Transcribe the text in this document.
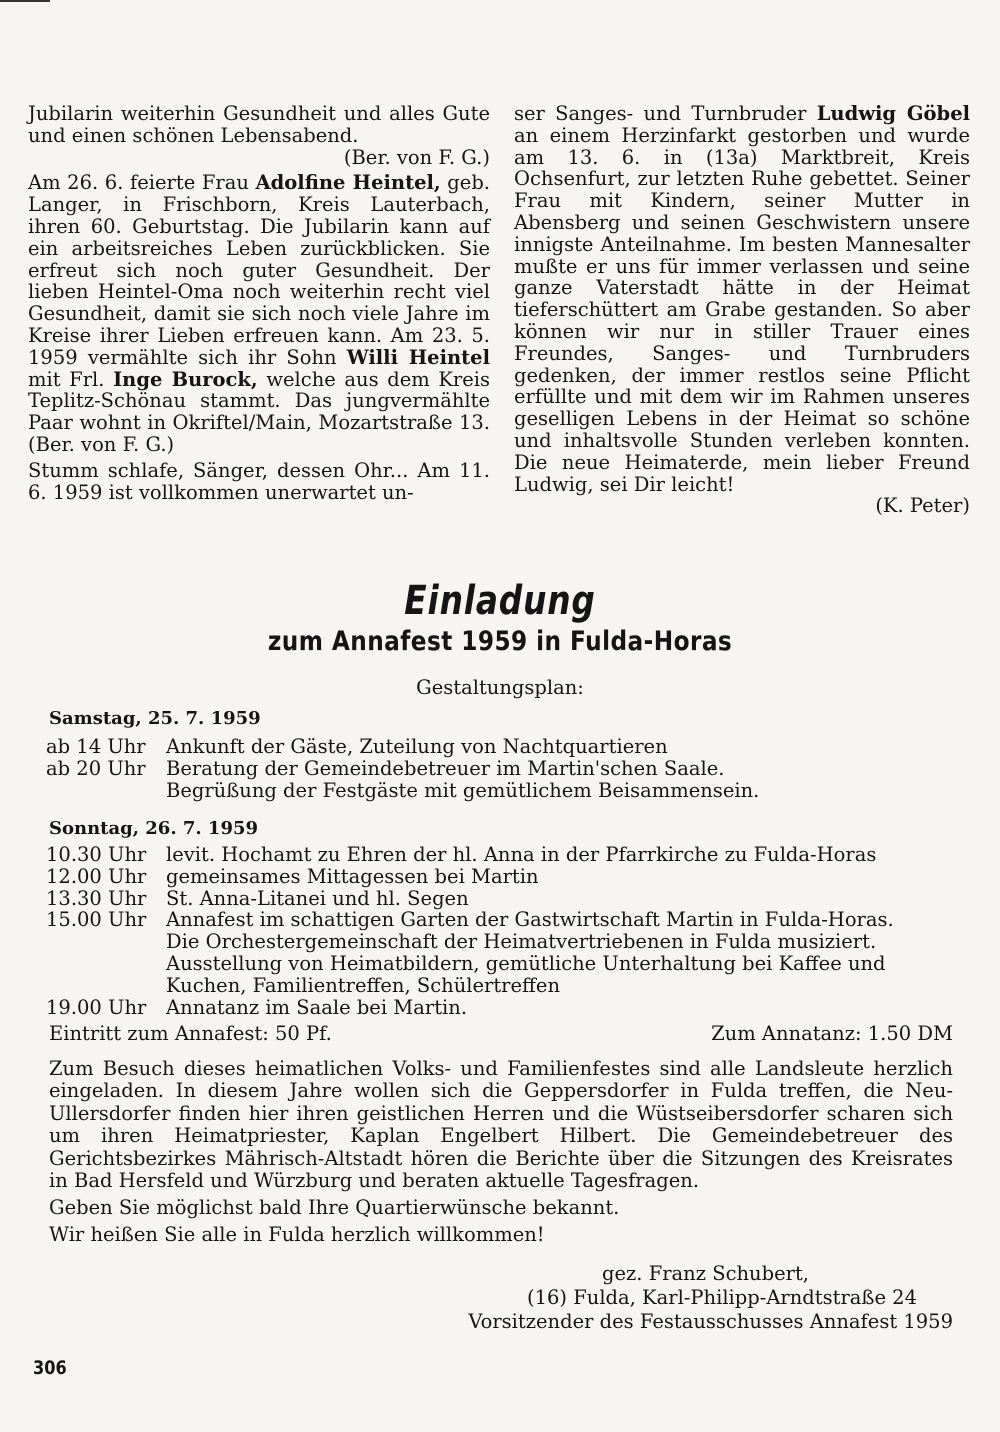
Jubilarin weiterhin Gesundheit und alles Gute und einen schönen Lebensabend.
(Ber. von F. G.)

Am 26. 6. feierte Frau Adolfine Heintel, geb. Langer, in Frischborn, Kreis Lauterbach, ihren 60. Geburtstag. Die Jubilarin kann auf ein arbeitsreiches Leben zurückblicken. Sie erfreut sich noch guter Gesundheit. Der lieben Heintel-Oma noch weiterhin recht viel Gesundheit, damit sie sich noch viele Jahre im Kreise ihrer Lieben erfreuen kann. Am 23. 5. 1959 vermählte sich ihr Sohn Willi Heintel mit Frl. Inge Burock, welche aus dem Kreis Teplitz-Schönau stammt. Das jungvermählte Paar wohnt in Okriftel/Main, Mozartstraße 13. (Ber. von F. G.)

Stumm schlafe, Sänger, dessen Ohr... Am 11. 6. 1959 ist vollkommen unerwartet un-

ser Sanges- und Turnbruder Ludwig Göbel an einem Herzinfarkt gestorben und wurde am 13. 6. in (13a) Marktbreit, Kreis Ochsenfurt, zur letzten Ruhe gebettet. Seiner Frau mit Kindern, seiner Mutter in Abensberg und seinen Geschwistern unsere innigste Anteilnahme. Im besten Mannesalter mußte er uns für immer verlassen und seine ganze Vaterstadt hätte in der Heimat tieferschüttert am Grabe gestanden. So aber können wir nur in stiller Trauer eines Freundes, Sanges- und Turnbruders gedenken, der immer restlos seine Pflicht erfüllte und mit dem wir im Rahmen unseres geselligen Lebens in der Heimat so schöne und inhaltsvolle Stunden verleben konnten. Die neue Heimaterde, mein lieber Freund Ludwig, sei Dir leicht!

(K. Peter)

Einladung
zum Annafest 1959 in Fulda-Horas
Gestaltungsplan:
Samstag, 25. 7. 1959
ab 14 Uhr	Ankunft der Gäste, Zuteilung von Nachtquartieren
ab 20 Uhr	Beratung der Gemeindebetreuer im Martin'schen Saale.
Begrüßung der Festgäste mit gemütlichem Beisammensein.
Sonntag, 26. 7. 1959
10.30 Uhr	levit. Hochamt zu Ehren der hl. Anna in der Pfarrkirche zu Fulda-Horas
12.00 Uhr	gemeinsames Mittagessen bei Martin
13.30 Uhr	St. Anna-Litanei und hl. Segen
15.00 Uhr	Annafest im schattigen Garten der Gastwirtschaft Martin in Fulda-Horas.
Die Orchestergemeinschaft der Heimatvertriebenen in Fulda musiziert.
Ausstellung von Heimatbildern, gemütliche Unterhaltung bei Kaffee und
Kuchen, Familientreffen, Schülertreffen
19.00 Uhr	Annatanz im Saale bei Martin.
Eintritt zum Annafest: 50 Pf.	Zum Annatanz: 1.50 DM

Zum Besuch dieses heimatlichen Volks- und Familienfestes sind alle Landsleute herzlich eingeladen. In diesem Jahre wollen sich die Geppersdorfer in Fulda treffen, die Neu-Ullersdorfer finden hier ihren geistlichen Herren und die Wüstseibersdorfer scharen sich um ihren Heimatpriester, Kaplan Engelbert Hilbert. Die Gemeindebetreuer des Gerichtsbezirkes Mährisch-Altstadt hören die Berichte über die Sitzungen des Kreisrates in Bad Hersfeld und Würzburg und beraten aktuelle Tagesfragen.

Geben Sie möglichst bald Ihre Quartierwünsche bekannt.

Wir heißen Sie alle in Fulda herzlich willkommen!

gez. Franz Schubert,
(16) Fulda, Karl-Philipp-Arndtstraße 24
Vorsitzender des Festausschusses Annafest 1959
306
